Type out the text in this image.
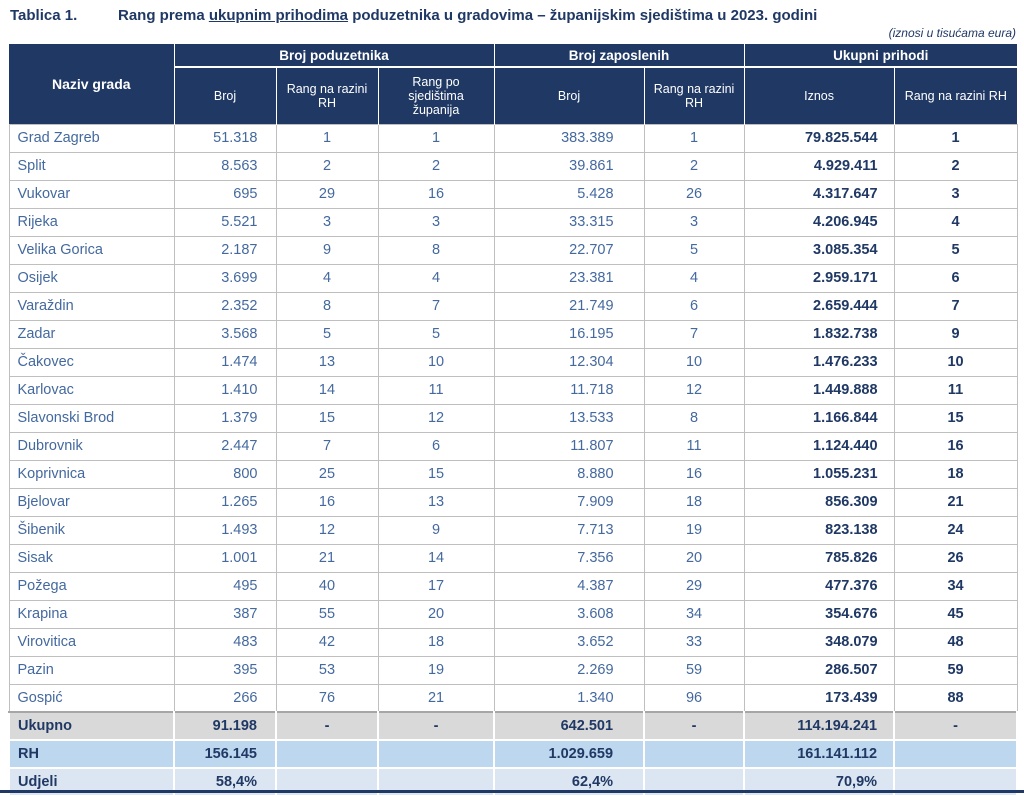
Tablica 1.	Rang prema ukupnim prihodima poduzetnika u gradovima – županijskim sjedištima u 2023. godini
(iznosi u tisućama eura)
Naziv grada	Broj poduzetnika			Broj zaposlenih		Ukupni prihodi	
	Broj	Rang na razini RH	Rang po sjedištima županija	Broj	Rang na razini RH	Iznos	Rang na razini RH
Grad Zagreb	51.318	1	1	383.389	1	79.825.544	1
Split	8.563	2	2	39.861	2	4.929.411	2
Vukovar	695	29	16	5.428	26	4.317.647	3
Rijeka	5.521	3	3	33.315	3	4.206.945	4
Velika Gorica	2.187	9	8	22.707	5	3.085.354	5
Osijek	3.699	4	4	23.381	4	2.959.171	6
Varaždin	2.352	8	7	21.749	6	2.659.444	7
Zadar	3.568	5	5	16.195	7	1.832.738	9
Čakovec	1.474	13	10	12.304	10	1.476.233	10
Karlovac	1.410	14	11	11.718	12	1.449.888	11
Slavonski Brod	1.379	15	12	13.533	8	1.166.844	15
Dubrovnik	2.447	7	6	11.807	11	1.124.440	16
Koprivnica	800	25	15	8.880	16	1.055.231	18
Bjelovar	1.265	16	13	7.909	18	856.309	21
Šibenik	1.493	12	9	7.713	19	823.138	24
Sisak	1.001	21	14	7.356	20	785.826	26
Požega	495	40	17	4.387	29	477.376	34
Krapina	387	55	20	3.608	34	354.676	45
Virovitica	483	42	18	3.652	33	348.079	48
Pazin	395	53	19	2.269	59	286.507	59
Gospić	266	76	21	1.340	96	173.439	88
Ukupno	91.198	-	-	642.501	-	114.194.241	-
RH	156.145			1.029.659		161.141.112	
Udjeli	58,4%			62,4%		70,9%	
